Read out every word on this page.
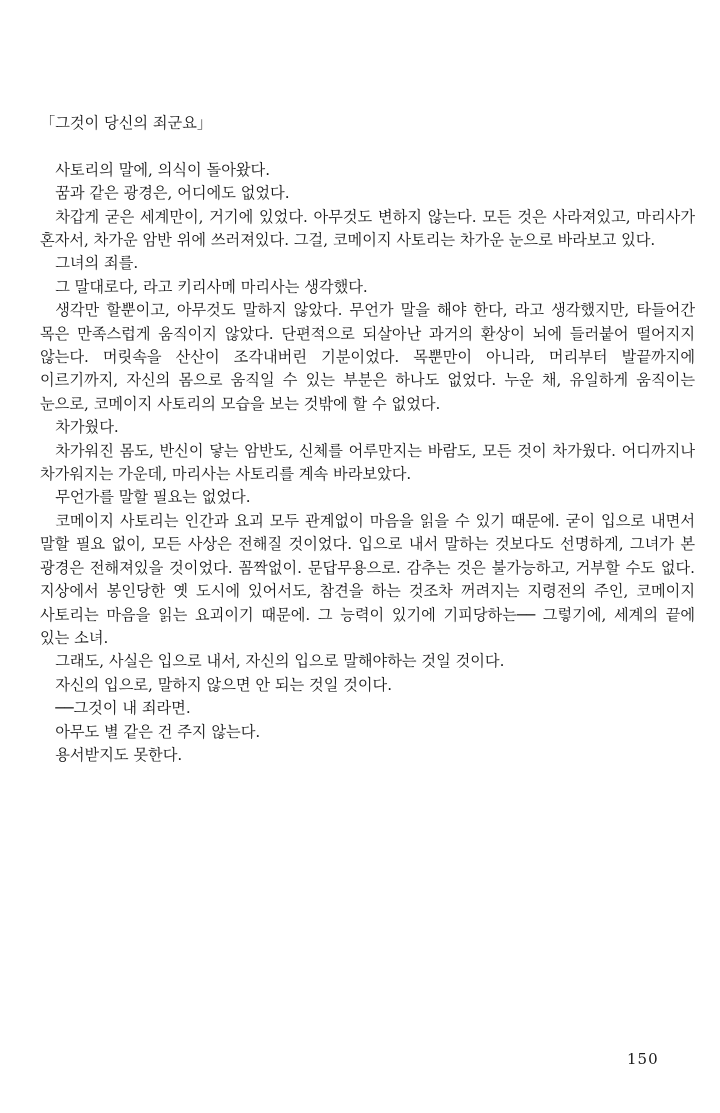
「그것이 당신의 죄군요」

사토리의 말에, 의식이 돌아왔다.

꿈과 같은 광경은, 어디에도 없었다.

차갑게 굳은 세계만이, 거기에 있었다. 아무것도 변하지 않는다. 모든 것은 사라져있고, 마리사가 혼자서, 차가운 암반 위에 쓰러져있다. 그걸, 코메이지 사토리는 차가운 눈으로 바라보고 있다.

그녀의 죄를.

그 말대로다, 라고 키리사메 마리사는 생각했다.

생각만 할뿐이고, 아무것도 말하지 않았다. 무언가 말을 해야 한다, 라고 생각했지만, 타들어간 목은 만족스럽게 움직이지 않았다. 단편적으로 되살아난 과거의 환상이 뇌에 들러붙어 떨어지지 않는다. 머릿속을 산산이 조각내버린 기분이었다. 목뿐만이 아니라, 머리부터 발끝까지에 이르기까지, 자신의 몸으로 움직일 수 있는 부분은 하나도 없었다. 누운 채, 유일하게 움직이는 눈으로, 코메이지 사토리의 모습을 보는 것밖에 할 수 없었다.

차가웠다.

차가워진 몸도, 반신이 닿는 암반도, 신체를 어루만지는 바람도, 모든 것이 차가웠다. 어디까지나 차가워지는 가운데, 마리사는 사토리를 계속 바라보았다.

무언가를 말할 필요는 없었다.

코메이지 사토리는 인간과 요괴 모두 관계없이 마음을 읽을 수 있기 때문에. 굳이 입으로 내면서 말할 필요 없이, 모든 사상은 전해질 것이었다. 입으로 내서 말하는 것보다도 선명하게, 그녀가 본 광경은 전해져있을 것이었다. 꼼짝없이. 문답무용으로. 감추는 것은 불가능하고, 거부할 수도 없다. 지상에서 봉인당한 옛 도시에 있어서도, 참견을 하는 것조차 꺼려지는 지령전의 주인, 코메이지 사토리는 마음을 읽는 요괴이기 때문에. 그 능력이 있기에 기피당하는── 그렇기에, 세계의 끝에 있는 소녀.

그래도, 사실은 입으로 내서, 자신의 입으로 말해야하는 것일 것이다.

자신의 입으로, 말하지 않으면 안 되는 것일 것이다.

──그것이 내 죄라면.

아무도 별 같은 건 주지 않는다.

용서받지도 못한다.

150
